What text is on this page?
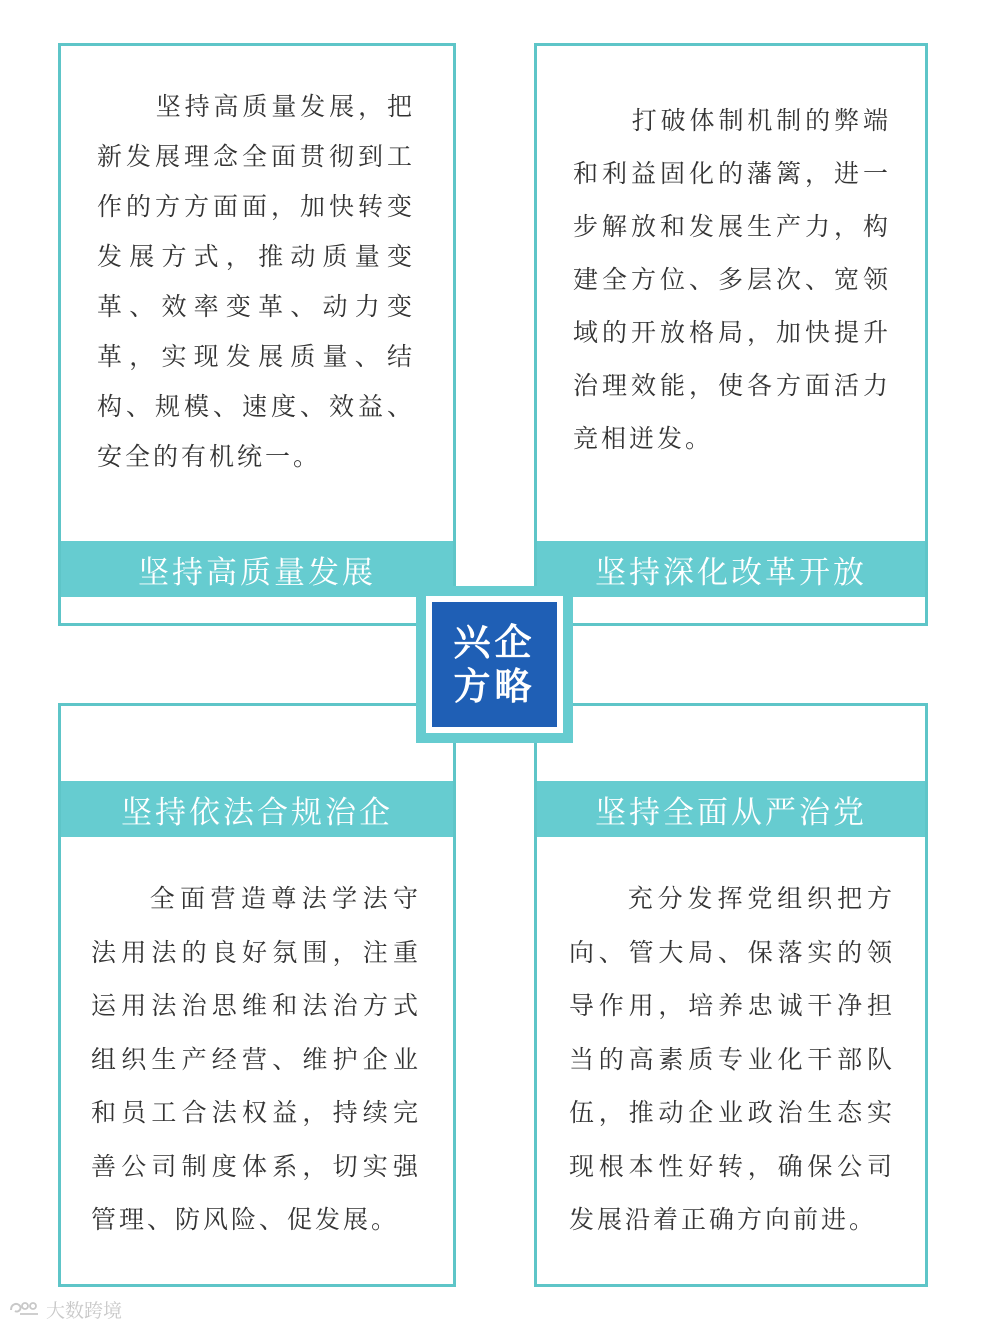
坚持高质量发展，把新发展理念全面贯彻到工作的方方面面，加快转变发展方式，推动质量变革、效率变革、动力变革，实现发展质量、结构、规模、速度、效益、安全的有机统一。
坚持高质量发展
打破体制机制的弊端和利益固化的藩篱，进一步解放和发展生产力，构建全方位、多层次、宽领域的开放格局，加快提升治理效能，使各方面活力竞相迸发。
坚持深化改革开放
坚持依法合规治企
全面营造尊法学法守法用法的良好氛围，注重运用法治思维和法治方式组织生产经营、维护企业和员工合法权益，持续完善公司制度体系，切实强管理、防风险、促发展。
坚持全面从严治党
充分发挥党组织把方向、管大局、保落实的领导作用，培养忠诚干净担当的高素质专业化干部队伍，推动企业政治生态实现根本性好转，确保公司发展沿着正确方向前进。
兴企
方略
大数跨境
